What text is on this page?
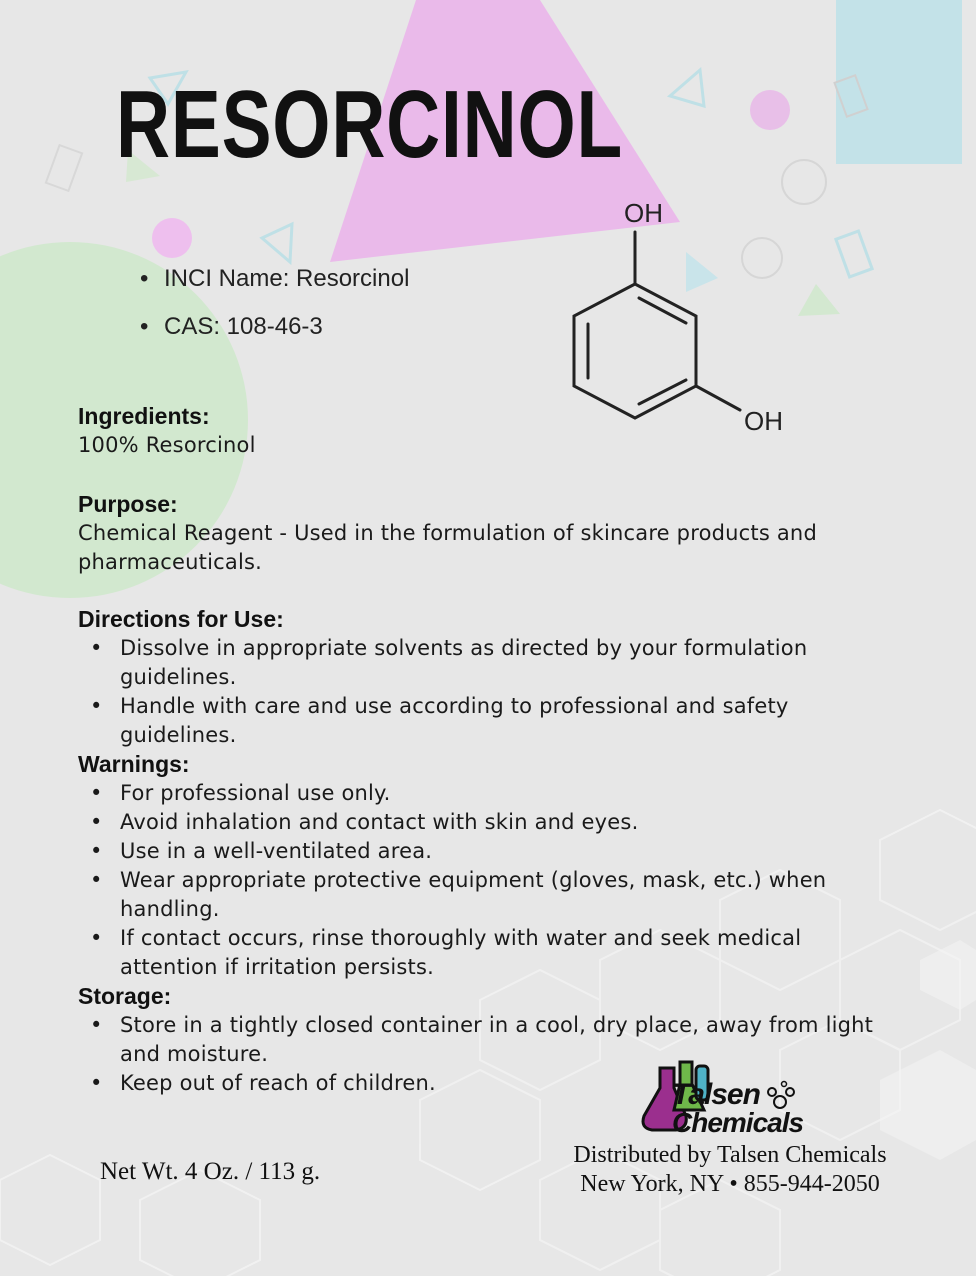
RESORCINOL
• INCI Name: Resorcinol
• CAS: 108-46-3
OH
OH

Ingredients:

100% Resorcinol

Purpose:

Chemical Reagent - Used in the formulation of skincare products and pharmaceuticals.

Directions for Use:

• Dissolve in appropriate solvents as directed by your formulation guidelines.
• Handle with care and use according to professional and safety guidelines.

Warnings:

• For professional use only.
• Avoid inhalation and contact with skin and eyes.
• Use in a well-ventilated area.
• Wear appropriate protective equipment (gloves, mask, etc.) when handling.
• If contact occurs, rinse thoroughly with water and seek medical attention if irritation persists.

Storage:

• Store in a tightly closed container in a cool, dry place, away from light and moisture.
• Keep out of reach of children.
Net Wt. 4 Oz. / 113 g.
Talsen
Chemicals
Distributed by Talsen Chemicals
New York, NY • 855-944-2050
